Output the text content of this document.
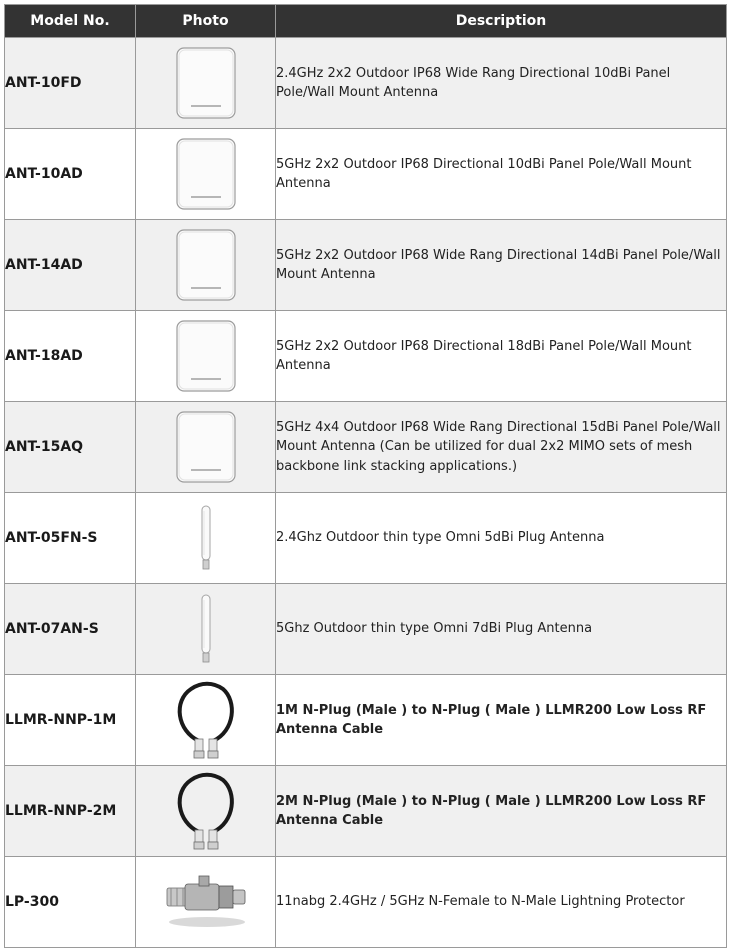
Model No.	Photo	Description
ANT-10FD		2.4GHz 2x2 Outdoor IP68 Wide Rang Directional 10dBi Panel Pole/Wall Mount Antenna
ANT-10AD		5GHz 2x2 Outdoor IP68 Directional 10dBi Panel Pole/Wall Mount Antenna
ANT-14AD		5GHz 2x2 Outdoor IP68 Wide Rang Directional 14dBi Panel Pole/Wall Mount Antenna
ANT-18AD		5GHz 2x2 Outdoor IP68 Directional 18dBi Panel Pole/Wall Mount Antenna
ANT-15AQ		5GHz 4x4 Outdoor IP68 Wide Rang Directional 15dBi Panel Pole/Wall Mount Antenna (Can be utilized for dual 2x2 MIMO sets of mesh backbone link stacking applications.)
ANT-05FN-S		2.4Ghz Outdoor thin type Omni 5dBi Plug Antenna
ANT-07AN-S		5Ghz Outdoor thin type Omni 7dBi Plug Antenna
LLMR-NNP-1M		1M N-Plug (Male ) to N-Plug ( Male ) LLMR200 Low Loss RF Antenna Cable
LLMR-NNP-2M		2M N-Plug (Male ) to N-Plug ( Male ) LLMR200 Low Loss RF Antenna Cable
LP-300		11nabg 2.4GHz / 5GHz N-Female to N-Male Lightning Protector
